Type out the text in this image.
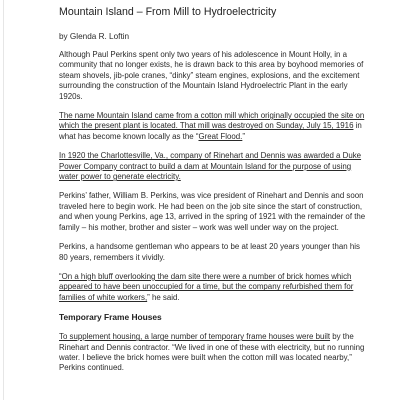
Mountain Island – From Mill to Hydroelectricity
by Glenda R. Loftin

Although Paul Perkins spent only two years of his adolescence in Mount Holly, in a community that no longer exists, he is drawn back to this area by boyhood memories of steam shovels, jib-pole cranes, “dinky” steam engines, explosions, and the excitement surrounding the construction of the Mountain Island Hydroelectric Plant in the early 1920s.

The name Mountain Island came from a cotton mill which originally occupied the site on which the present plant is located. That mill was destroyed on Sunday, July 15, 1916 in what has become known locally as the “Great Flood.”

In 1920 the Charlottesville, Va., company of Rinehart and Dennis was awarded a Duke Power Company contract to build a dam at Mountain Island for the purpose of using water power to generate electricity.

Perkins’ father, William B. Perkins, was vice president of Rinehart and Dennis and soon traveled here to begin work. He had been on the job site since the start of construction, and when young Perkins, age 13, arrived in the spring of 1921 with the remainder of the family – his mother, brother and sister – work was well under way on the project.

Perkins, a handsome gentleman who appears to be at least 20 years younger than his 80 years, remembers it vividly.

“On a high bluff overlooking the dam site there were a number of brick homes which appeared to have been unoccupied for a time, but the company refurbished them for families of white workers,” he said.

Temporary Frame Houses

To supplement housing, a large number of temporary frame houses were built by the Rinehart and Dennis contractor. “We lived in one of these with electricity, but no running water. I believe the brick homes were built when the cotton mill was located nearby,” Perkins continued.
